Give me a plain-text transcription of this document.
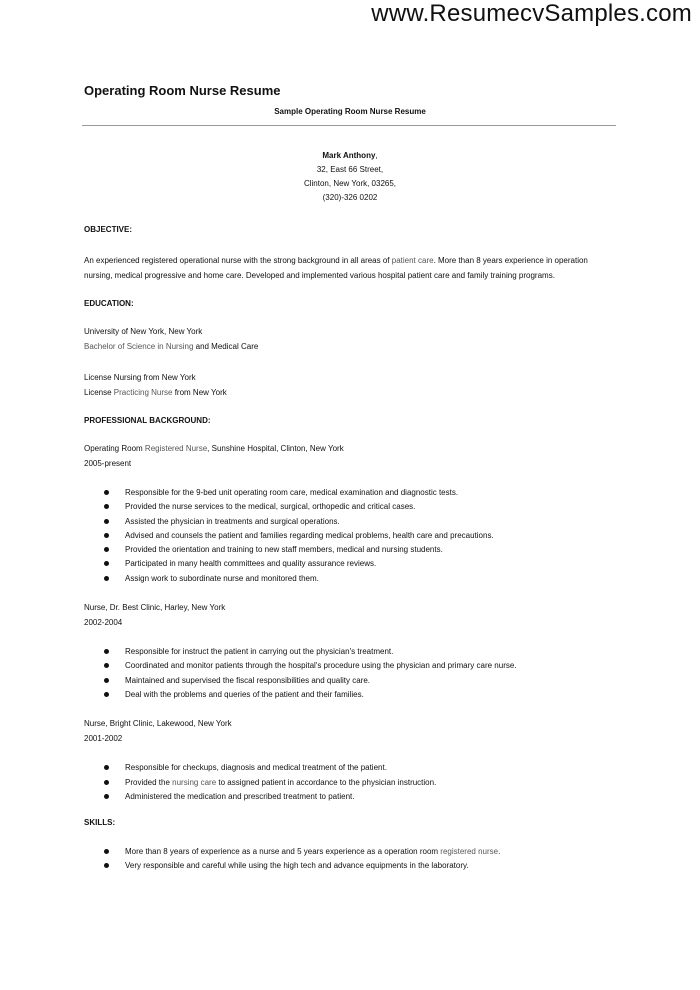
www.ResumecvSamples.com
Operating Room Nurse Resume
Sample Operating Room Nurse Resume
Mark Anthony,
32, East 66 Street,
Clinton, New York, 03265,
(320)-326 0202
OBJECTIVE:
An experienced registered operational nurse with the strong background in all areas of patient care. More than 8 years experience in operation nursing, medical progressive and home care. Developed and implemented various hospital patient care and family training programs.
EDUCATION:
University of New York, New York
Bachelor of Science in Nursing and Medical Care
License Nursing from New York
License Practicing Nurse from New York
PROFESSIONAL BACKGROUND:
Operating Room Registered Nurse, Sunshine Hospital, Clinton, New York
2005-present
Responsible for the 9-bed unit operating room care, medical examination and diagnostic tests.
Provided the nurse services to the medical, surgical, orthopedic and critical cases.
Assisted the physician in treatments and surgical operations.
Advised and counsels the patient and families regarding medical problems, health care and precautions.
Provided the orientation and training to new staff members, medical and nursing students.
Participated in many health committees and quality assurance reviews.
Assign work to subordinate nurse and monitored them.
Nurse, Dr. Best Clinic, Harley, New York
2002-2004
Responsible for instruct the patient in carrying out the physician's treatment.
Coordinated and monitor patients through the hospital's procedure using the physician and primary care nurse.
Maintained and supervised the fiscal responsibilities and quality care.
Deal with the problems and queries of the patient and their families.
Nurse, Bright Clinic, Lakewood, New York
2001-2002
Responsible for checkups, diagnosis and medical treatment of the patient.
Provided the nursing care to assigned patient in accordance to the physician instruction.
Administered the medication and prescribed treatment to patient.
SKILLS:
More than 8 years of experience as a nurse and 5 years experience as a operation room registered nurse.
Very responsible and careful while using the high tech and advance equipments in the laboratory.
